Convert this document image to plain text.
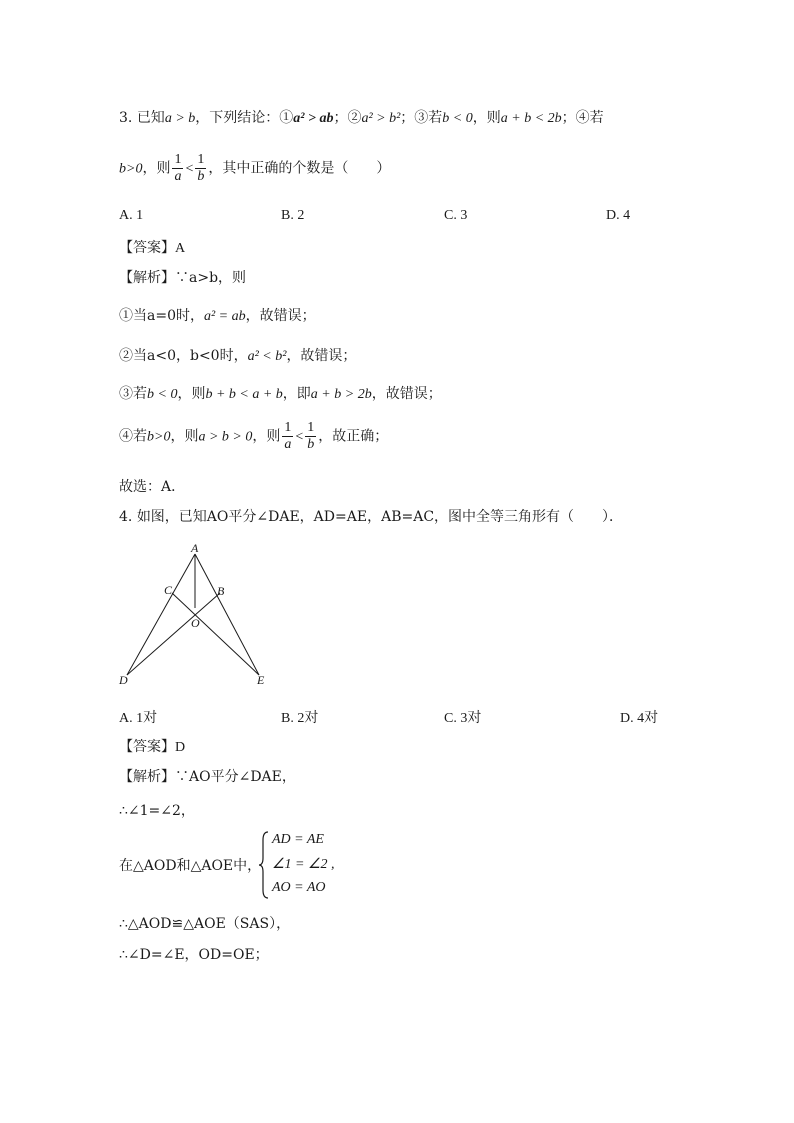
3. 已知a > b，下列结论：①a² > ab；②a² > b²；③若b < 0，则a + b < 2b；④若
b>0，则 $\frac{1}{a} < \frac{1}{b}$ ，其中正确的个数是（　　）
A. 1	B. 2	C. 3	D. 4
【答案】A
【解析】∵a>b，则
①当a=0时，a² = ab，故错误；
②当a<0，b<0时，a² < b²，故错误；
③若b < 0，则b + b < a + b，即a + b > 2b，故错误；
④若b>0，则a > b > 0，则 $\frac{1}{a} < \frac{1}{b}$ ，故正确；
故选：A．
4. 如图，已知AO平分∠DAE，AD=AE，AB=AC，图中全等三角形有（　　）．
A
C	B
O
D	E
A. 1对	B. 2对	C. 3对	D. 4对
【答案】D
【解析】∵AO平分∠DAE，
∴∠1=∠2，
在△AOD和△AOE中，
AD = AE
∠1 = ∠2 ,
AO = AO
∴△AOD≌△AOE（SAS），
∴∠D=∠E，OD=OE；
